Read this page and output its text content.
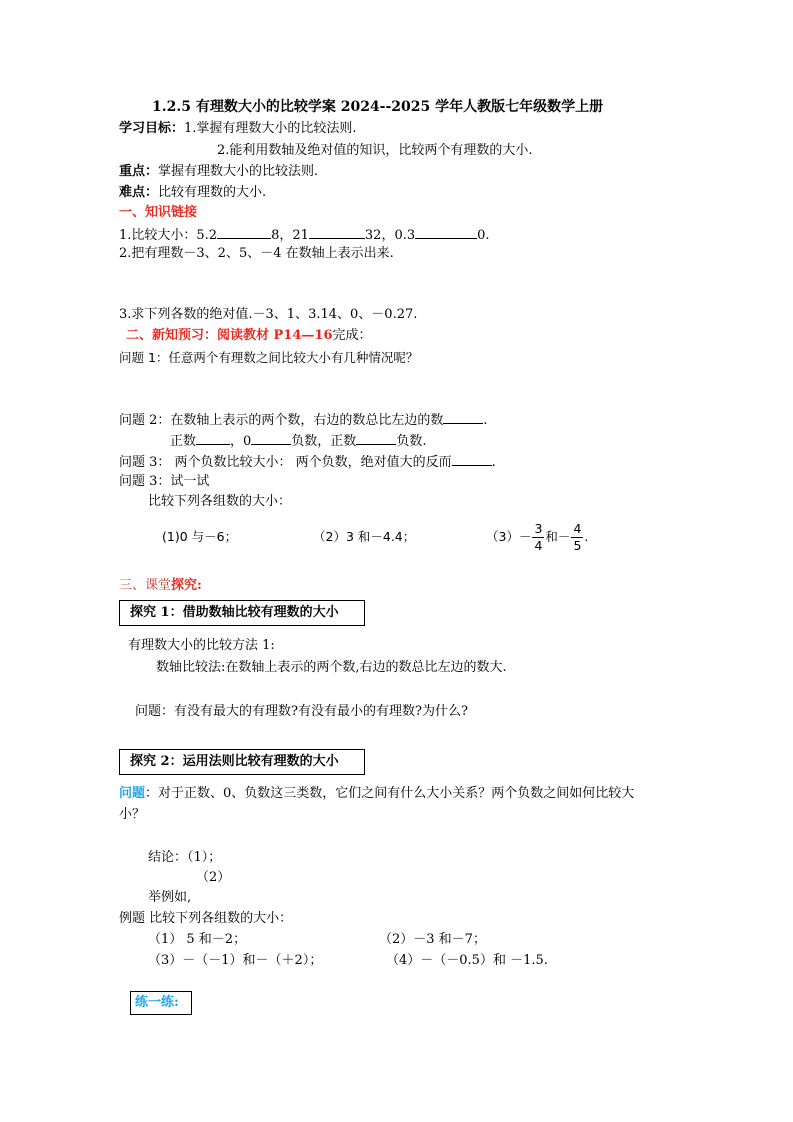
1.2.5 有理数大小的比较学案 2024--2025 学年人教版七年级数学上册
学习目标：1.掌握有理数大小的比较法则.
2.能利用数轴及绝对值的知识，比较两个有理数的大小.
重点：掌握有理数大小的比较法则.
难点：比较有理数的大小.
一、知识链接
1.比较大小：5.2	8，21	32，0.3	0.
2.把有理数－3、2、5、－4 在数轴上表示出来.
3.求下列各数的绝对值.－3、1、3.14、0、－0.27.
二、新知预习：阅读教材 P14—16完成：
问题 1：任意两个有理数之间比较大小有几种情况呢？
问题 2：在数轴上表示的两个数，右边的数总比左边的数	.
正数	，0	负数，正数	负数.
问题 3： 两个负数比较大小： 两个负数，绝对值大的反而	.
问题 3：试一试
比较下列各组数的大小：
(1)0 与－6；	（2）3 和－4.4；	$(3)- \frac{3}{4}$ 和－ $\frac{4}{5}$ .
三、课堂探究:
探究 1：借助数轴比较有理数的大小
有理数大小的比较方法 1:
数轴比较法:在数轴上表示的两个数,右边的数总比左边的数大.
问题：有没有最大的有理数?有没有最小的有理数?为什么?
探究 2：运用法则比较有理数的大小
问题：对于正数、0、负数这三类数，它们之间有什么大小关系？两个负数之间如何比较大
小？
结论：（1）；
（2）
举例如,
例题 比较下列各组数的大小：
（1） 5 和－2；	（2）－3 和－7；
（3）－（－1）和－（＋2）；	（4）－（－0.5）和 －1.5.
练一练:
